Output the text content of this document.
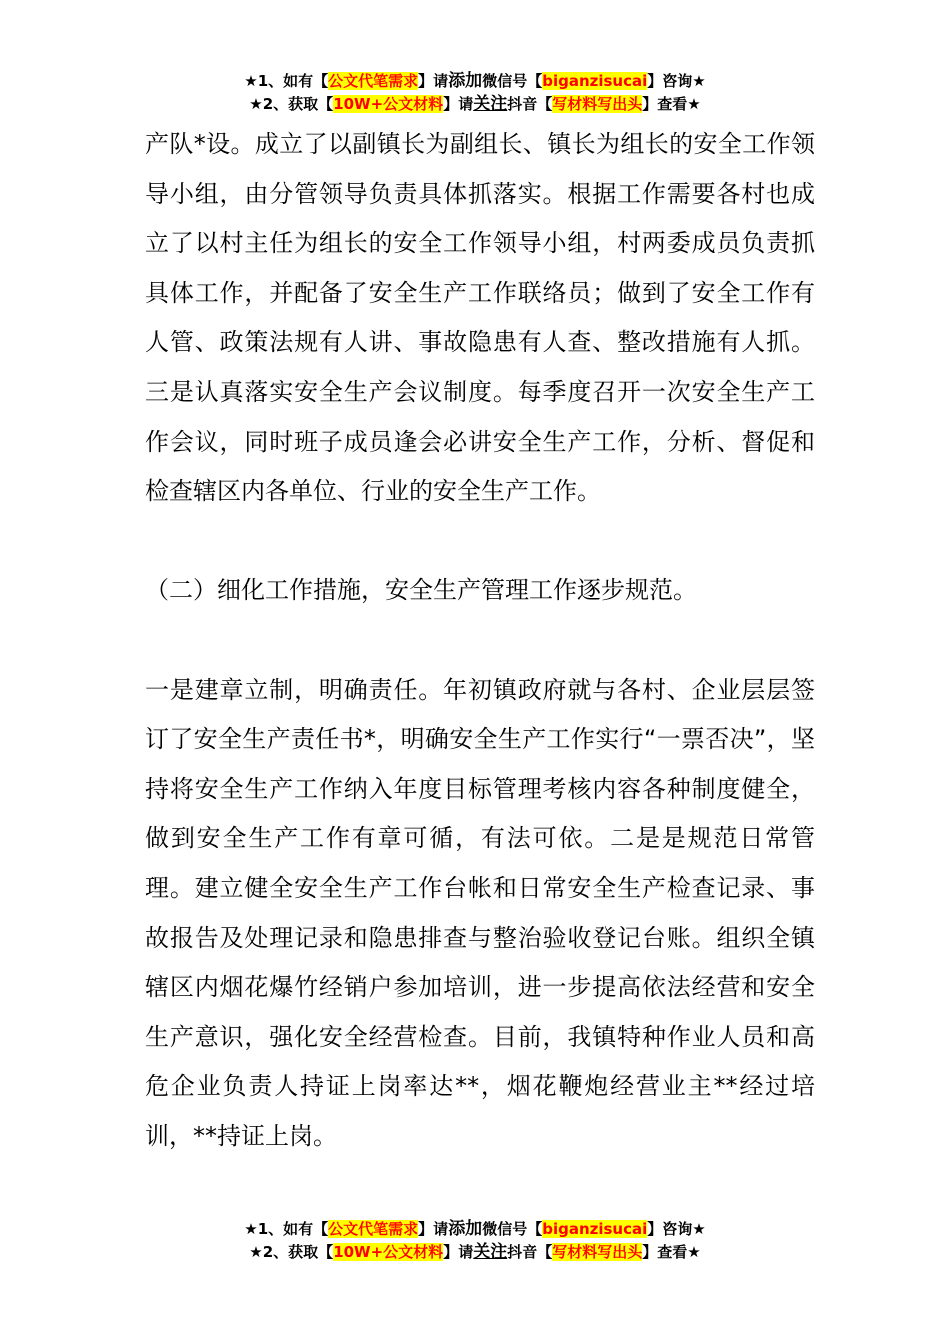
★1、如有【公文代笔需求】请添加微信号【biganzisucai】咨询★
★2、获取【10W+公文材料】请关注抖音【写材料写出头】查看★

产队*设。成立了以副镇长为副组长、镇长为组长的安全工作领导小组，由分管领导负责具体抓落实。根据工作需要各村也成立了以村主任为组长的安全工作领导小组，村两委成员负责抓具体工作，并配备了安全生产工作联络员；做到了安全工作有人管、政策法规有人讲、事故隐患有人查、整改措施有人抓。三是认真落实安全生产会议制度。每季度召开一次安全生产工作会议，同时班子成员逢会必讲安全生产工作，分析、督促和检查辖区内各单位、行业的安全生产工作。

（二）细化工作措施，安全生产管理工作逐步规范。

一是建章立制，明确责任。年初镇政府就与各村、企业层层签订了安全生产责任书*，明确安全生产工作实行“一票否决”，坚持将安全生产工作纳入年度目标管理考核内容各种制度健全，做到安全生产工作有章可循，有法可依。二是是规范日常管理。建立健全安全生产工作台帐和日常安全生产检查记录、事故报告及处理记录和隐患排查与整治验收登记台账。组织全镇辖区内烟花爆竹经销户参加培训，进一步提高依法经营和安全生产意识，强化安全经营检查。目前，我镇特种作业人员和高危企业负责人持证上岗率达**，烟花鞭炮经营业主**经过培训，**持证上岗。

★1、如有【公文代笔需求】请添加微信号【biganzisucai】咨询★
★2、获取【10W+公文材料】请关注抖音【写材料写出头】查看★
